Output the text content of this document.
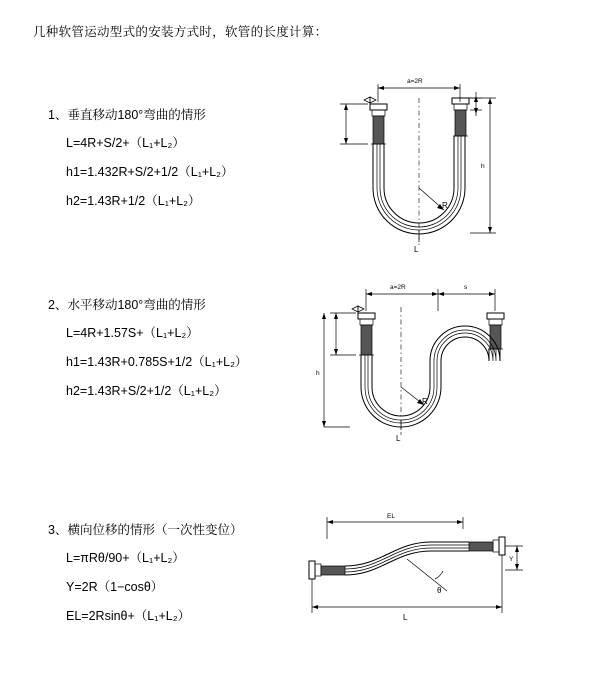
几种软管运动型式的安装方式时，软管的长度计算：
1、垂直移动180°弯曲的情形
L=4R+S/2+（L₁+L₂）
h1=1.432R+S/2+1/2（L₁+L₂）
h2=1.43R+1/2（L₁+L₂）
a=2R
R
h
L
2、水平移动180°弯曲的情形
L=4R+1.57S+（L₁+L₂）
h1=1.43R+0.785S+1/2（L₁+L₂）
h2=1.43R+S/2+1/2（L₁+L₂）
a=2R	s
R
h
L
3、横向位移的情形（一次性变位）
L=πRθ/90+（L₁+L₂）
Y=2R（1−cosθ）
EL=2Rsinθ+（L₁+L₂）
EL
θ
Y
L
